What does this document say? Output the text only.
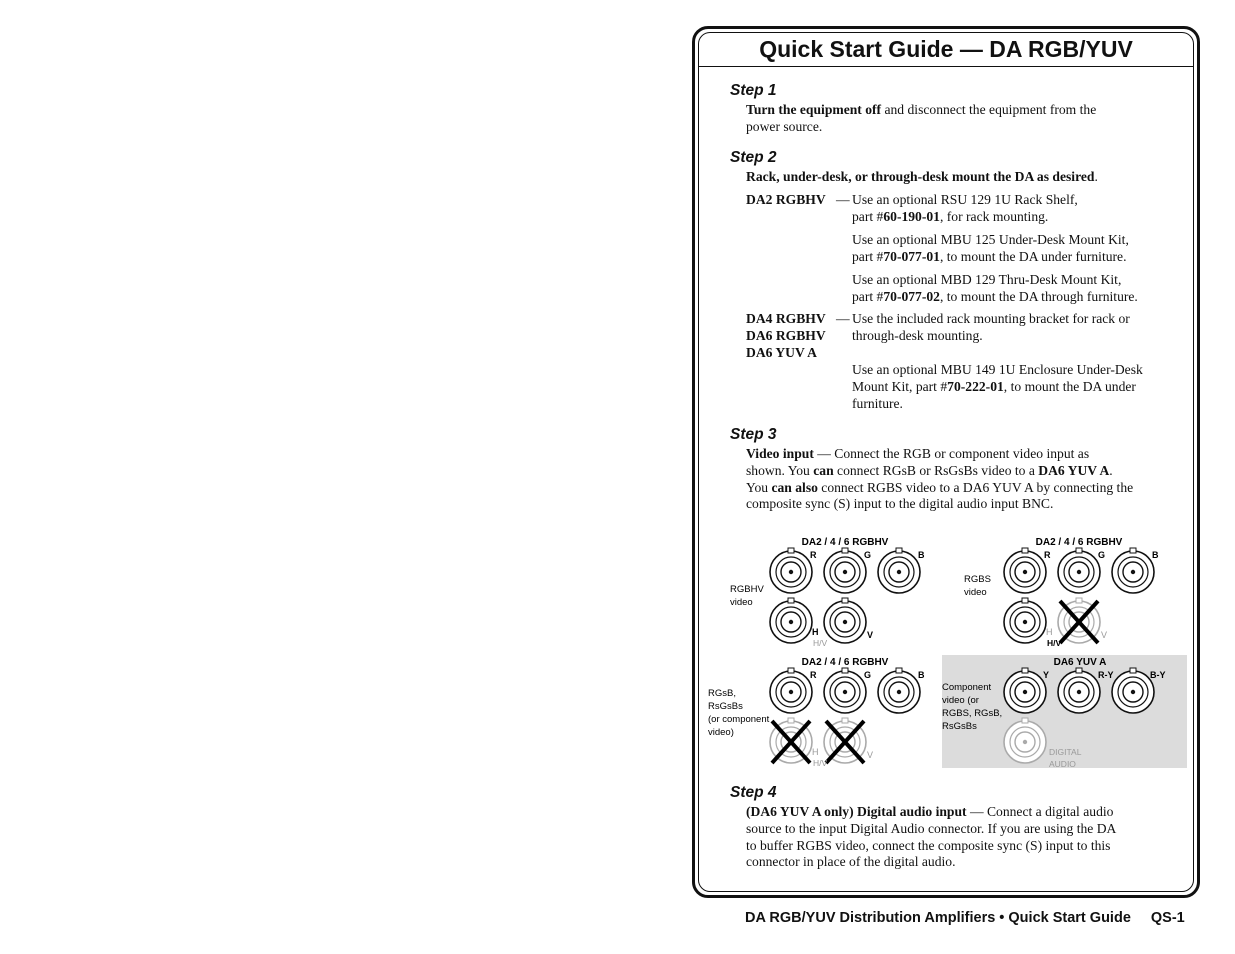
Quick Start Guide — DA RGB/YUV
Step 1
Turn the equipment off and disconnect the equipment from the
power source.
Step 2
Rack, under-desk, or through-desk mount the DA as desired.
DA2 RGBHV — Use an optional RSU 129 1U Rack Shelf,
part #60-190-01, for rack mounting.
Use an optional MBU 125 Under-Desk Mount Kit,
part #70-077-01, to mount the DA under furniture.
Use an optional MBD 129 Thru-Desk Mount Kit,
part #70-077-02, to mount the DA through furniture.
DA4 RGBHV
DA6 RGBHV
DA6 YUV A
— Use the included rack mounting bracket for rack or
through-desk mounting.
Use an optional MBU 149 1U Enclosure Under-Desk
Mount Kit, part #70-222-01, to mount the DA under
furniture.
Step 3
Video input — Connect the RGB or component video input as
shown. You can connect RGsB or RsGsBs video to a DA6 YUV A.
You can also connect RGBS video to a DA6 YUV A by connecting the
composite sync (S) input to the digital audio input BNC.
DA2 / 4 / 6 RGBHV
RGBHV
video
R	G	B
H
H/V
V
DA2 / 4 / 6 RGBHV
RGBS
video
R	G	B
H
H/V
V
DA2 / 4 / 6 RGBHV
RGsB,
RsGsBs
(or component
video)
R	G	B
H
H/V
V
DA6 YUV A
Component
video (or
RGBS, RGsB,
RsGsBs
Y	R-Y	B-Y
DIGITAL
AUDIO
Step 4
(DA6 YUV A only) Digital audio input — Connect a digital audio
source to the input Digital Audio connector. If you are using the DA
to buffer RGBS video, connect the composite sync (S) input to this
connector in place of the digital audio.
DA RGB/YUV Distribution Amplifiers • Quick Start Guide QS-1
